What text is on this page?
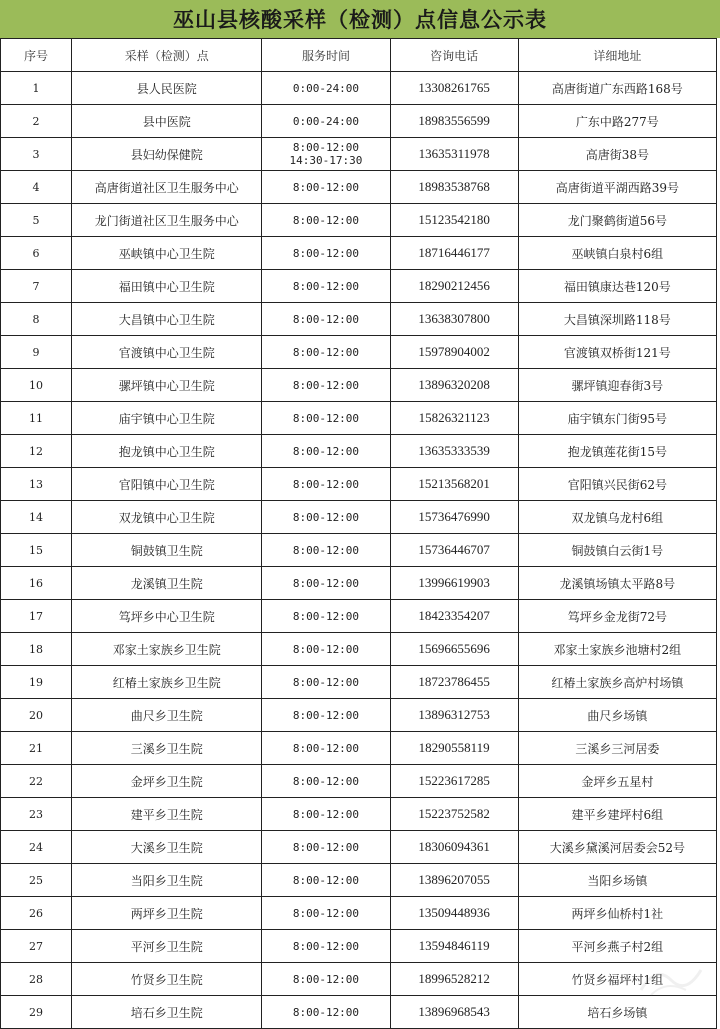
巫山县核酸采样（检测）点信息公示表
序号	采样（检测）点	服务时间	咨询电话	详细地址
1	县人民医院	0:00-24:00	13308261765	高唐街道广东西路168号
2	县中医院	0:00-24:00	18983556599	广东中路277号
3	县妇幼保健院	8:00-12:00
14:30-17:30	13635311978	高唐街38号
4	高唐街道社区卫生服务中心	8:00-12:00	18983538768	高唐街道平湖西路39号
5	龙门街道社区卫生服务中心	8:00-12:00	15123542180	龙门聚鹤街道56号
6	巫峡镇中心卫生院	8:00-12:00	18716446177	巫峡镇白泉村6组
7	福田镇中心卫生院	8:00-12:00	18290212456	福田镇康达巷120号
8	大昌镇中心卫生院	8:00-12:00	13638307800	大昌镇深圳路118号
9	官渡镇中心卫生院	8:00-12:00	15978904002	官渡镇双桥街121号
10	骡坪镇中心卫生院	8:00-12:00	13896320208	骡坪镇迎春街3号
11	庙宇镇中心卫生院	8:00-12:00	15826321123	庙宇镇东门街95号
12	抱龙镇中心卫生院	8:00-12:00	13635333539	抱龙镇莲花街15号
13	官阳镇中心卫生院	8:00-12:00	15213568201	官阳镇兴民街62号
14	双龙镇中心卫生院	8:00-12:00	15736476990	双龙镇乌龙村6组
15	铜鼓镇卫生院	8:00-12:00	15736446707	铜鼓镇白云街1号
16	龙溪镇卫生院	8:00-12:00	13996619903	龙溪镇场镇太平路8号
17	笃坪乡中心卫生院	8:00-12:00	18423354207	笃坪乡金龙街72号
18	邓家土家族乡卫生院	8:00-12:00	15696655696	邓家土家族乡池塘村2组
19	红椿土家族乡卫生院	8:00-12:00	18723786455	红椿土家族乡高炉村场镇
20	曲尺乡卫生院	8:00-12:00	13896312753	曲尺乡场镇
21	三溪乡卫生院	8:00-12:00	18290558119	三溪乡三河居委
22	金坪乡卫生院	8:00-12:00	15223617285	金坪乡五星村
23	建平乡卫生院	8:00-12:00	15223752582	建平乡建坪村6组
24	大溪乡卫生院	8:00-12:00	18306094361	大溪乡黛溪河居委会52号
25	当阳乡卫生院	8:00-12:00	13896207055	当阳乡场镇
26	两坪乡卫生院	8:00-12:00	13509448936	两坪乡仙桥村1社
27	平河乡卫生院	8:00-12:00	13594846119	平河乡燕子村2组
28	竹贤乡卫生院	8:00-12:00	18996528212	竹贤乡福坪村1组
29	培石乡卫生院	8:00-12:00	13896968543	培石乡场镇
